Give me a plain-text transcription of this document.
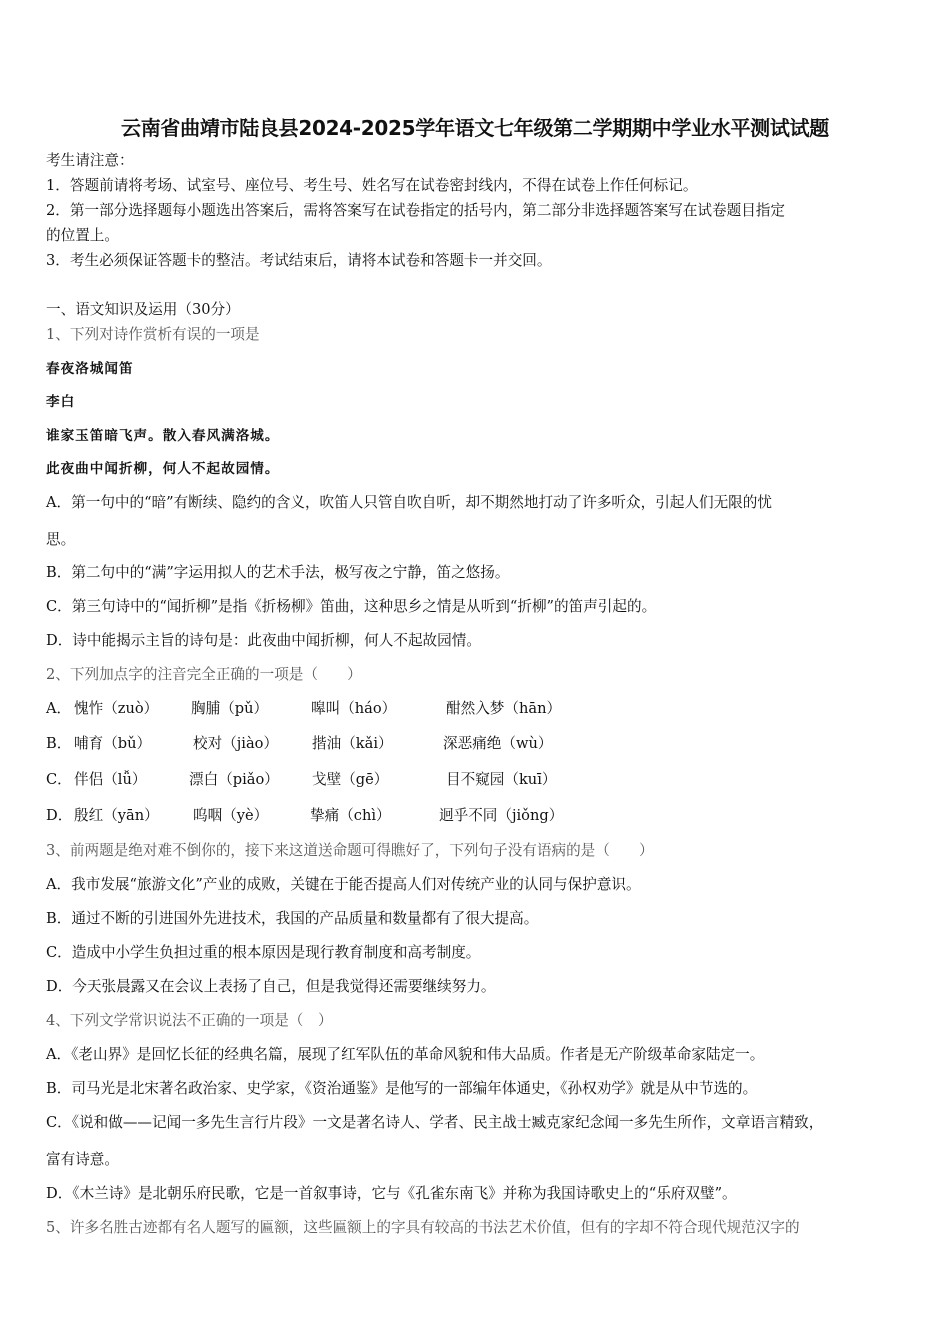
云南省曲靖市陆良县2024-2025学年语文七年级第二学期期中学业水平测试试题
考生请注意：
1．答题前请将考场、试室号、座位号、考生号、姓名写在试卷密封线内，不得在试卷上作任何标记。
2．第一部分选择题每小题选出答案后，需将答案写在试卷指定的括号内，第二部分非选择题答案写在试卷题目指定
的位置上。
3．考生必须保证答题卡的整洁。考试结束后，请将本试卷和答题卡一并交回。
一、语文知识及运用（30分）
1、下列对诗作赏析有误的一项是
春夜洛城闻笛
李白
谁家玉笛暗飞声。散入春风满洛城。
此夜曲中闻折柳，何人不起故园情。
A．第一句中的“暗”有断续、隐约的含义，吹笛人只管自吹自听，却不期然地打动了许多听众，引起人们无限的忧
思。
B．第二句中的“满”字运用拟人的艺术手法，极写夜之宁静，笛之悠扬。
C．第三句诗中的“闻折柳”是指《折杨柳》笛曲，这种思乡之情是从听到“折柳”的笛声引起的。
D．诗中能揭示主旨的诗句是：此夜曲中闻折柳，何人不起故园情。
2、下列加点字的注音完全正确的一项是（　　）
A． 愧怍（zuò） 胸脯（pǔ）	嗥叫（háo）	酣然入梦（hān）
B． 哺育（bǔ）	校对（jiào） 揩油（kǎi）	深恶痛绝（wù）
C． 伴侣（lǚ）	漂白（piǎo） 戈壁（gē）	目不窥园（kuī）
D． 殷红（yān） 呜咽（yè）	挚痛（chì）	迥乎不同（jiǒng）
3、前两题是绝对难不倒你的，接下来这道送命题可得瞧好了，下列句子没有语病的是（　　）
A．我市发展“旅游文化”产业的成败，关键在于能否提高人们对传统产业的认同与保护意识。
B．通过不断的引进国外先进技术，我国的产品质量和数量都有了很大提高。
C．造成中小学生负担过重的根本原因是现行教育制度和高考制度。
D．今天张晨露又在会议上表扬了自己，但是我觉得还需要继续努力。
4、下列文学常识说法不正确的一项是（　）
A．《老山界》是回忆长征的经典名篇，展现了红军队伍的革命风貌和伟大品质。作者是无产阶级革命家陆定一。
B．司马光是北宋著名政治家、史学家，《资治通鉴》是他写的一部编年体通史，《孙权劝学》就是从中节选的。
C．《说和做——记闻一多先生言行片段》一文是著名诗人、学者、民主战士臧克家纪念闻一多先生所作，文章语言精致，
富有诗意。
D．《木兰诗》是北朝乐府民歌，它是一首叙事诗，它与《孔雀东南飞》并称为我国诗歌史上的“乐府双璧”。
5、许多名胜古迹都有名人题写的匾额，这些匾额上的字具有较高的书法艺术价值，但有的字却不符合现代规范汉字的
